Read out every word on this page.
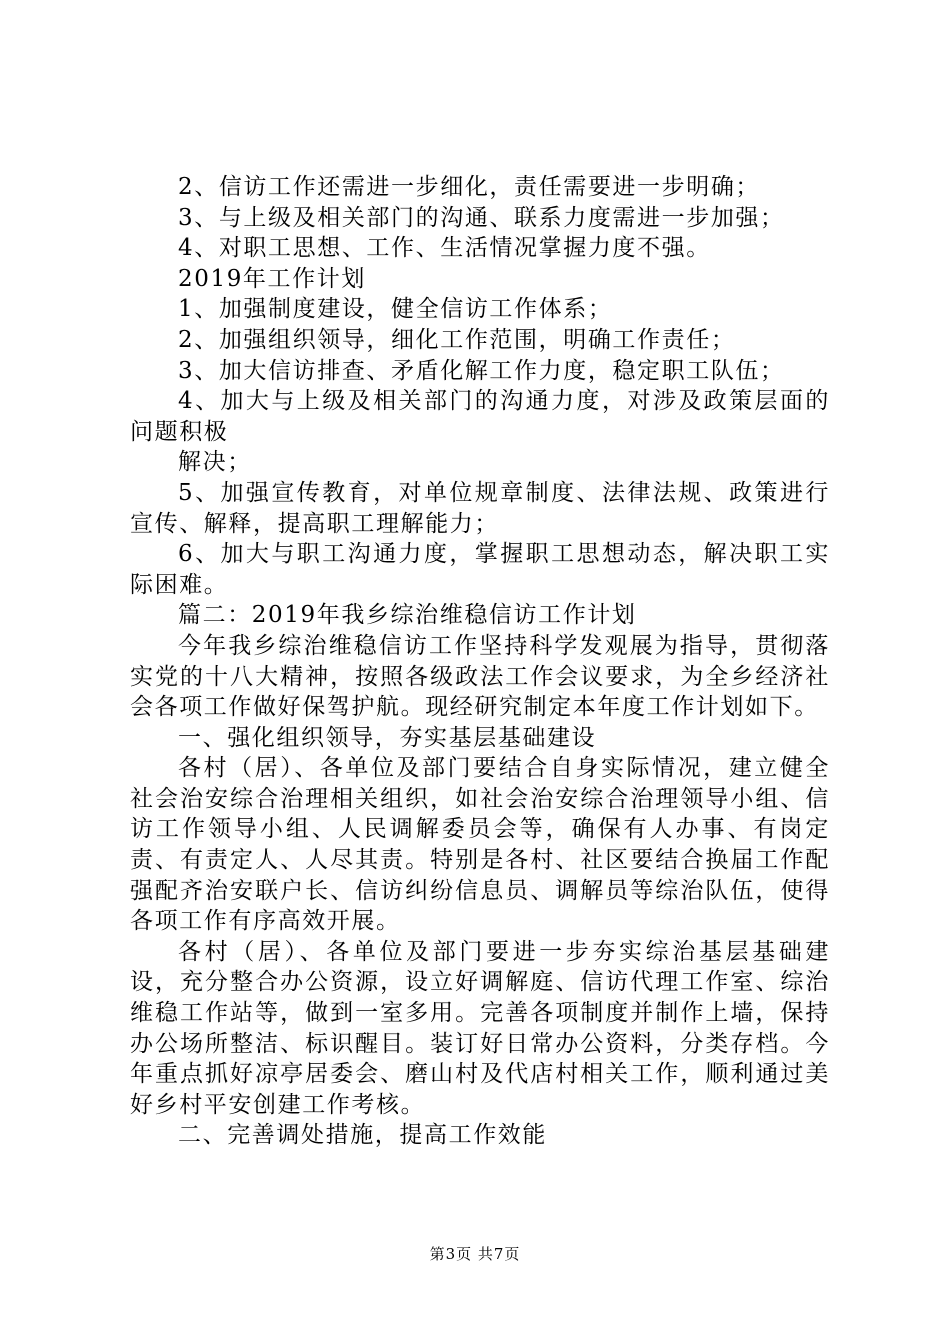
2、信访工作还需进一步细化，责任需要进一步明确；

3、与上级及相关部门的沟通、联系力度需进一步加强；

4、对职工思想、工作、生活情况掌握力度不强。

2019年工作计划

1、加强制度建设，健全信访工作体系；

2、加强组织领导，细化工作范围，明确工作责任；

3、加大信访排查、矛盾化解工作力度，稳定职工队伍；

4、加大与上级及相关部门的沟通力度，对涉及政策层面的问题积极

解决；

5、加强宣传教育，对单位规章制度、法律法规、政策进行宣传、解释，提高职工理解能力；

6、加大与职工沟通力度，掌握职工思想动态，解决职工实际困难。

篇二：2019年我乡综治维稳信访工作计划

今年我乡综治维稳信访工作坚持科学发观展为指导，贯彻落实党的十八大精神，按照各级政法工作会议要求，为全乡经济社会各项工作做好保驾护航。现经研究制定本年度工作计划如下。

一、强化组织领导，夯实基层基础建设

各村（居）、各单位及部门要结合自身实际情况，建立健全社会治安综合治理相关组织，如社会治安综合治理领导小组、信访工作领导小组、人民调解委员会等，确保有人办事、有岗定责、有责定人、人尽其责。特别是各村、社区要结合换届工作配强配齐治安联户长、信访纠纷信息员、调解员等综治队伍，使得各项工作有序高效开展。

各村（居）、各单位及部门要进一步夯实综治基层基础建设，充分整合办公资源，设立好调解庭、信访代理工作室、综治维稳工作站等，做到一室多用。完善各项制度并制作上墙，保持办公场所整洁、标识醒目。装订好日常办公资料，分类存档。今年重点抓好凉亭居委会、磨山村及代店村相关工作，顺利通过美好乡村平安创建工作考核。

二、完善调处措施，提高工作效能

第3页 共7页
